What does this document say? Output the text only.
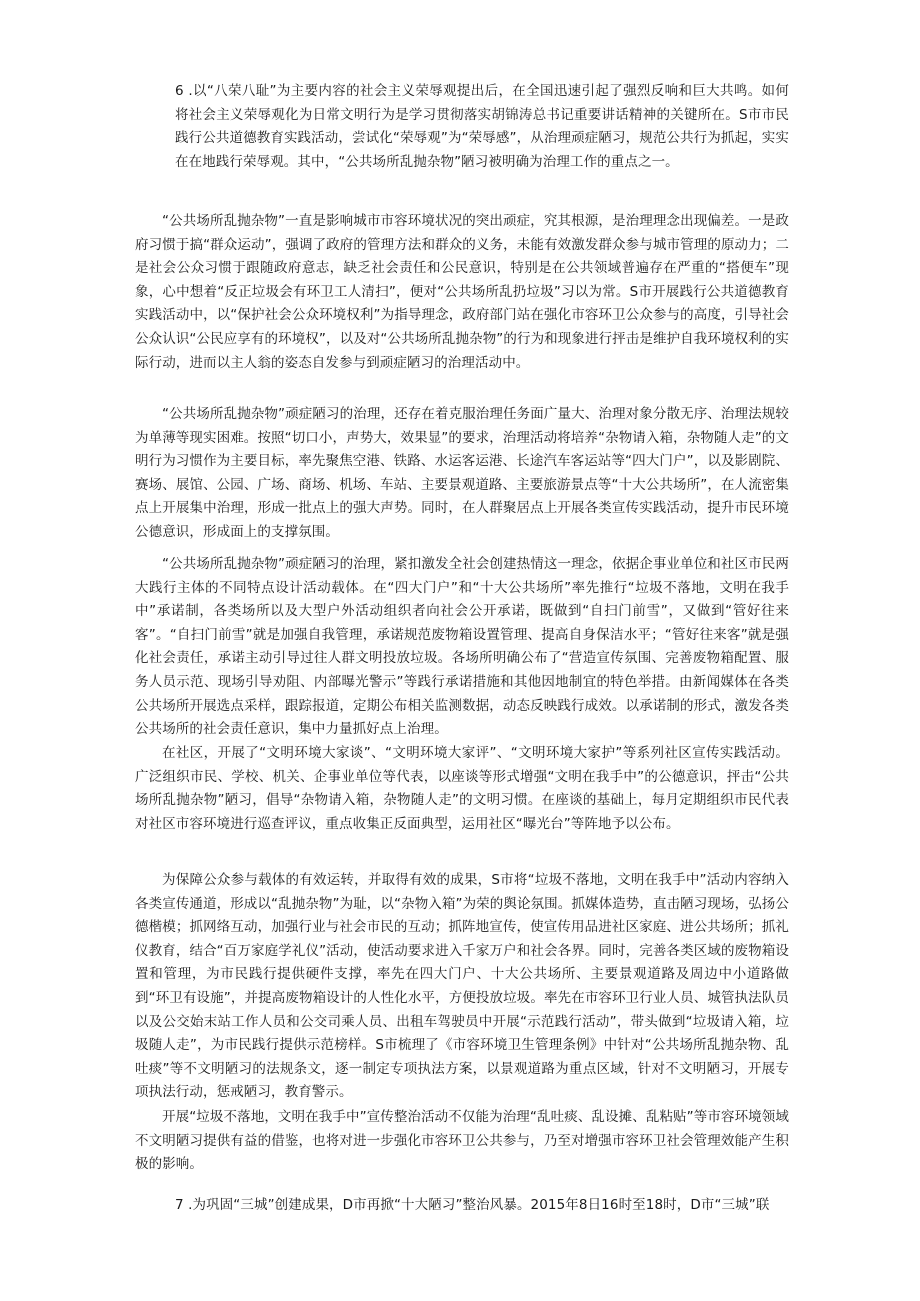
6 .以“八荣八耻”为主要内容的社会主义荣辱观提出后，在全国迅速引起了强烈反响和巨大共鸣。如何将社会主义荣辱观化为日常文明行为是学习贯彻落实胡锦涛总书记重要讲话精神的关键所在。S市市民践行公共道德教育实践活动，尝试化“荣辱观”为“荣辱感”，从治理顽症陋习，规范公共行为抓起，实实在在地践行荣辱观。其中，“公共场所乱抛杂物”陋习被明确为治理工作的重点之一。

“公共场所乱抛杂物”一直是影响城市市容环境状况的突出顽症，究其根源，是治理理念出现偏差。一是政府习惯于搞“群众运动”，强调了政府的管理方法和群众的义务，未能有效激发群众参与城市管理的原动力；二是社会公众习惯于跟随政府意志，缺乏社会责任和公民意识，特别是在公共领域普遍存在严重的“搭便车”现象，心中想着“反正垃圾会有环卫工人清扫”，便对“公共场所乱扔垃圾”习以为常。S市开展践行公共道德教育实践活动中，以“保护社会公众环境权利”为指导理念，政府部门站在强化市容环卫公众参与的高度，引导社会公众认识“公民应享有的环境权”，以及对“公共场所乱抛杂物”的行为和现象进行抨击是维护自我环境权利的实际行动，进而以主人翁的姿态自发参与到顽症陋习的治理活动中。

“公共场所乱抛杂物”顽症陋习的治理，还存在着克服治理任务面广量大、治理对象分散无序、治理法规较为单薄等现实困难。按照“切口小，声势大，效果显”的要求，治理活动将培养“杂物请入箱，杂物随人走”的文明行为习惯作为主要目标，率先聚焦空港、铁路、水运客运港、长途汽车客运站等“四大门户”，以及影剧院、赛场、展馆、公园、广场、商场、机场、车站、主要景观道路、主要旅游景点等“十大公共场所”，在人流密集点上开展集中治理，形成一批点上的强大声势。同时，在人群聚居点上开展各类宣传实践活动，提升市民环境公德意识，形成面上的支撑氛围。

“公共场所乱抛杂物”顽症陋习的治理，紧扣激发全社会创建热情这一理念，依据企事业单位和社区市民两大践行主体的不同特点设计活动载体。在“四大门户”和“十大公共场所”率先推行“垃圾不落地，文明在我手中”承诺制，各类场所以及大型户外活动组织者向社会公开承诺，既做到“自扫门前雪”，又做到“管好往来客”。“自扫门前雪”就是加强自我管理，承诺规范废物箱设置管理、提高自身保洁水平；“管好往来客”就是强化社会责任，承诺主动引导过往人群文明投放垃圾。各场所明确公布了“营造宣传氛围、完善废物箱配置、服务人员示范、现场引导劝阻、内部曝光警示”等践行承诺措施和其他因地制宜的特色举措。由新闻媒体在各类公共场所开展选点采样，跟踪报道，定期公布相关监测数据，动态反映践行成效。以承诺制的形式，激发各类公共场所的社会责任意识，集中力量抓好点上治理。

在社区，开展了“文明环境大家谈”、“文明环境大家评”、“文明环境大家护”等系列社区宣传实践活动。广泛组织市民、学校、机关、企事业单位等代表，以座谈等形式增强“文明在我手中”的公德意识，抨击“公共场所乱抛杂物”陋习，倡导“杂物请入箱，杂物随人走”的文明习惯。在座谈的基础上，每月定期组织市民代表对社区市容环境进行巡查评议，重点收集正反面典型，运用社区“曝光台”等阵地予以公布。

为保障公众参与载体的有效运转，并取得有效的成果，S市将“垃圾不落地，文明在我手中”活动内容纳入各类宣传通道，形成以“乱抛杂物”为耻，以“杂物入箱”为荣的舆论氛围。抓媒体造势，直击陋习现场，弘扬公德楷模；抓网络互动，加强行业与社会市民的互动；抓阵地宣传，使宣传用品进社区家庭、进公共场所；抓礼仪教育，结合“百万家庭学礼仪”活动，使活动要求进入千家万户和社会各界。同时，完善各类区域的废物箱设置和管理，为市民践行提供硬件支撑，率先在四大门户、十大公共场所、主要景观道路及周边中小道路做到“环卫有设施”，并提高废物箱设计的人性化水平，方便投放垃圾。率先在市容环卫行业人员、城管执法队员以及公交始末站工作人员和公交司乘人员、出租车驾驶员中开展“示范践行活动”，带头做到“垃圾请入箱，垃圾随人走”，为市民践行提供示范榜样。S市梳理了《市容环境卫生管理条例》中针对“公共场所乱抛杂物、乱吐痰”等不文明陋习的法规条文，逐一制定专项执法方案，以景观道路为重点区域，针对不文明陋习，开展专项执法行动，惩戒陋习，教育警示。

开展“垃圾不落地，文明在我手中”宣传整治活动不仅能为治理“乱吐痰、乱设摊、乱粘贴”等市容环境领域不文明陋习提供有益的借鉴，也将对进一步强化市容环卫公共参与，乃至对增强市容环卫社会管理效能产生积极的影响。

7 .为巩固“三城”创建成果，D市再掀“十大陋习”整治风暴。2015年8日16时至18时，D市“三城”联
